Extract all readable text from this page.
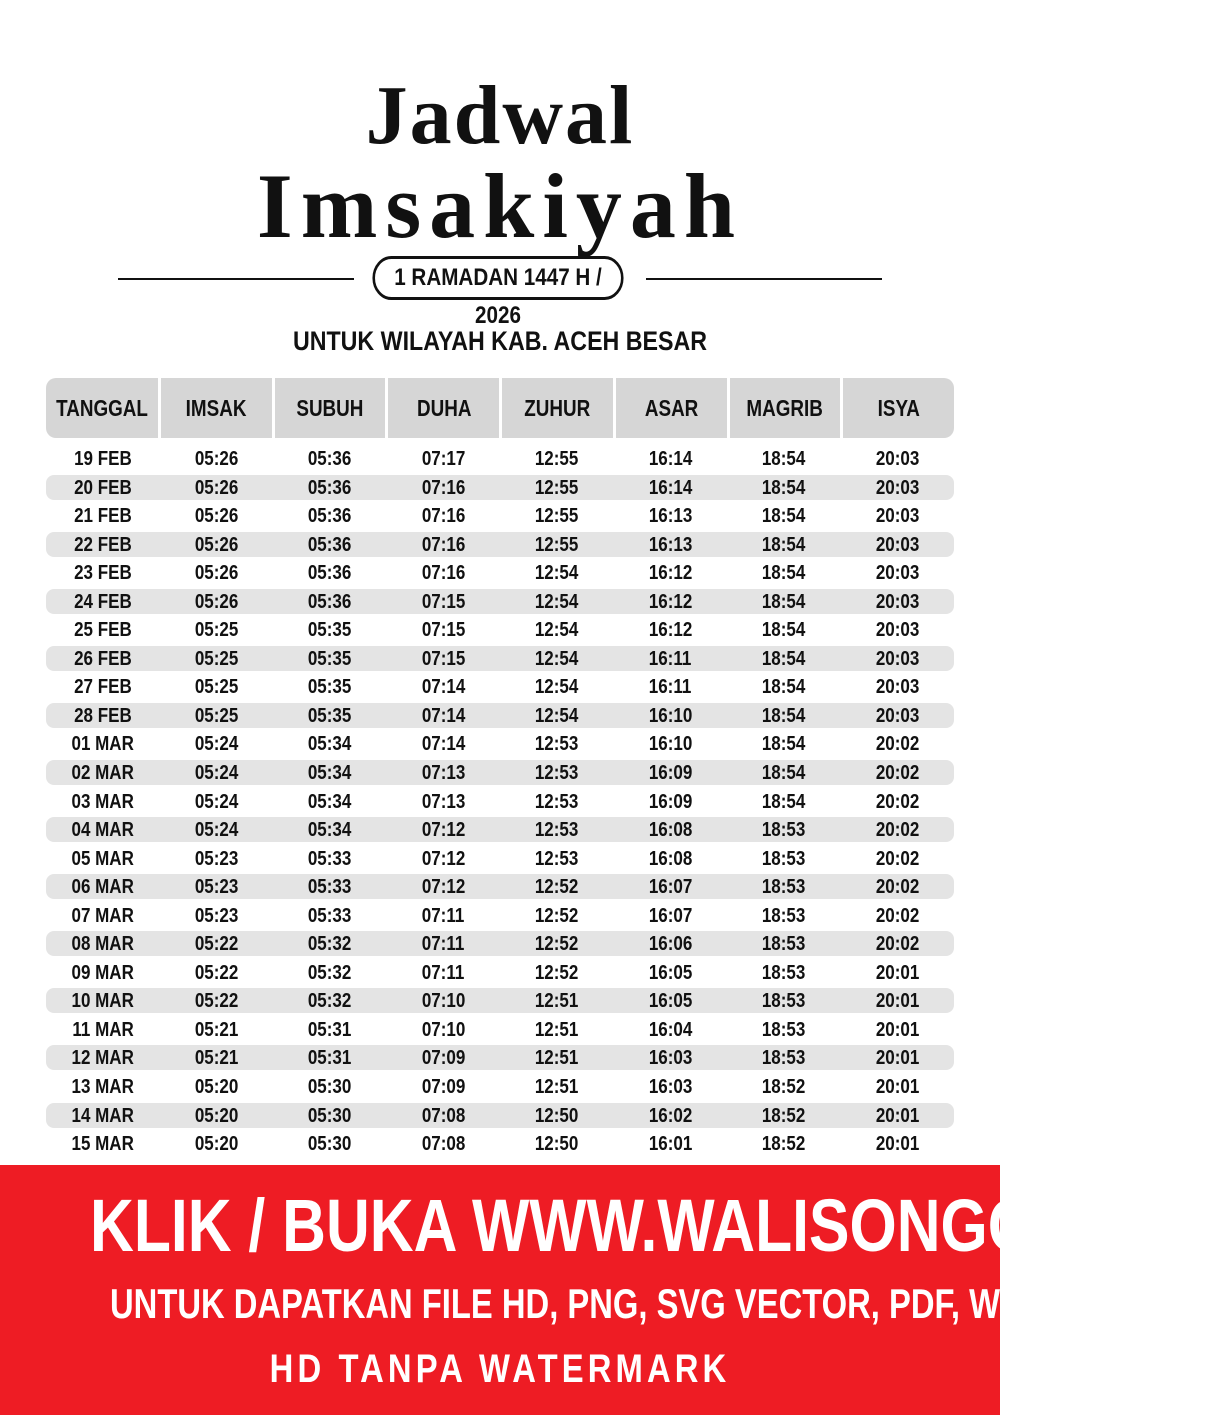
Jadwal
Imsakiyah
1 RAMADAN 1447 H / 2026
UNTUK WILAYAH KAB. ACEH BESAR
TANGGAL	IMSAK	SUBUH	DUHA	ZUHUR	ASAR	MAGRIB	ISYA
19 FEB	05:26	05:36	07:17	12:55	16:14	18:54	20:03
20 FEB	05:26	05:36	07:16	12:55	16:14	18:54	20:03
21 FEB	05:26	05:36	07:16	12:55	16:13	18:54	20:03
22 FEB	05:26	05:36	07:16	12:55	16:13	18:54	20:03
23 FEB	05:26	05:36	07:16	12:54	16:12	18:54	20:03
24 FEB	05:26	05:36	07:15	12:54	16:12	18:54	20:03
25 FEB	05:25	05:35	07:15	12:54	16:12	18:54	20:03
26 FEB	05:25	05:35	07:15	12:54	16:11	18:54	20:03
27 FEB	05:25	05:35	07:14	12:54	16:11	18:54	20:03
28 FEB	05:25	05:35	07:14	12:54	16:10	18:54	20:03
01 MAR	05:24	05:34	07:14	12:53	16:10	18:54	20:02
02 MAR	05:24	05:34	07:13	12:53	16:09	18:54	20:02
03 MAR	05:24	05:34	07:13	12:53	16:09	18:54	20:02
04 MAR	05:24	05:34	07:12	12:53	16:08	18:53	20:02
05 MAR	05:23	05:33	07:12	12:53	16:08	18:53	20:02
06 MAR	05:23	05:33	07:12	12:52	16:07	18:53	20:02
07 MAR	05:23	05:33	07:11	12:52	16:07	18:53	20:02
08 MAR	05:22	05:32	07:11	12:52	16:06	18:53	20:02
09 MAR	05:22	05:32	07:11	12:52	16:05	18:53	20:01
10 MAR	05:22	05:32	07:10	12:51	16:05	18:53	20:01
11 MAR	05:21	05:31	07:10	12:51	16:04	18:53	20:01
12 MAR	05:21	05:31	07:09	12:51	16:03	18:53	20:01
13 MAR	05:20	05:30	07:09	12:51	16:03	18:52	20:01
14 MAR	05:20	05:30	07:08	12:50	16:02	18:52	20:01
15 MAR	05:20	05:30	07:08	12:50	16:01	18:52	20:01
KLIK / BUKA WWW.WALISONGO.CO.ID
UNTUK DAPATKAN FILE HD, PNG, SVG VECTOR, PDF, WORD, EXCEL
HD TANPA WATERMARK
